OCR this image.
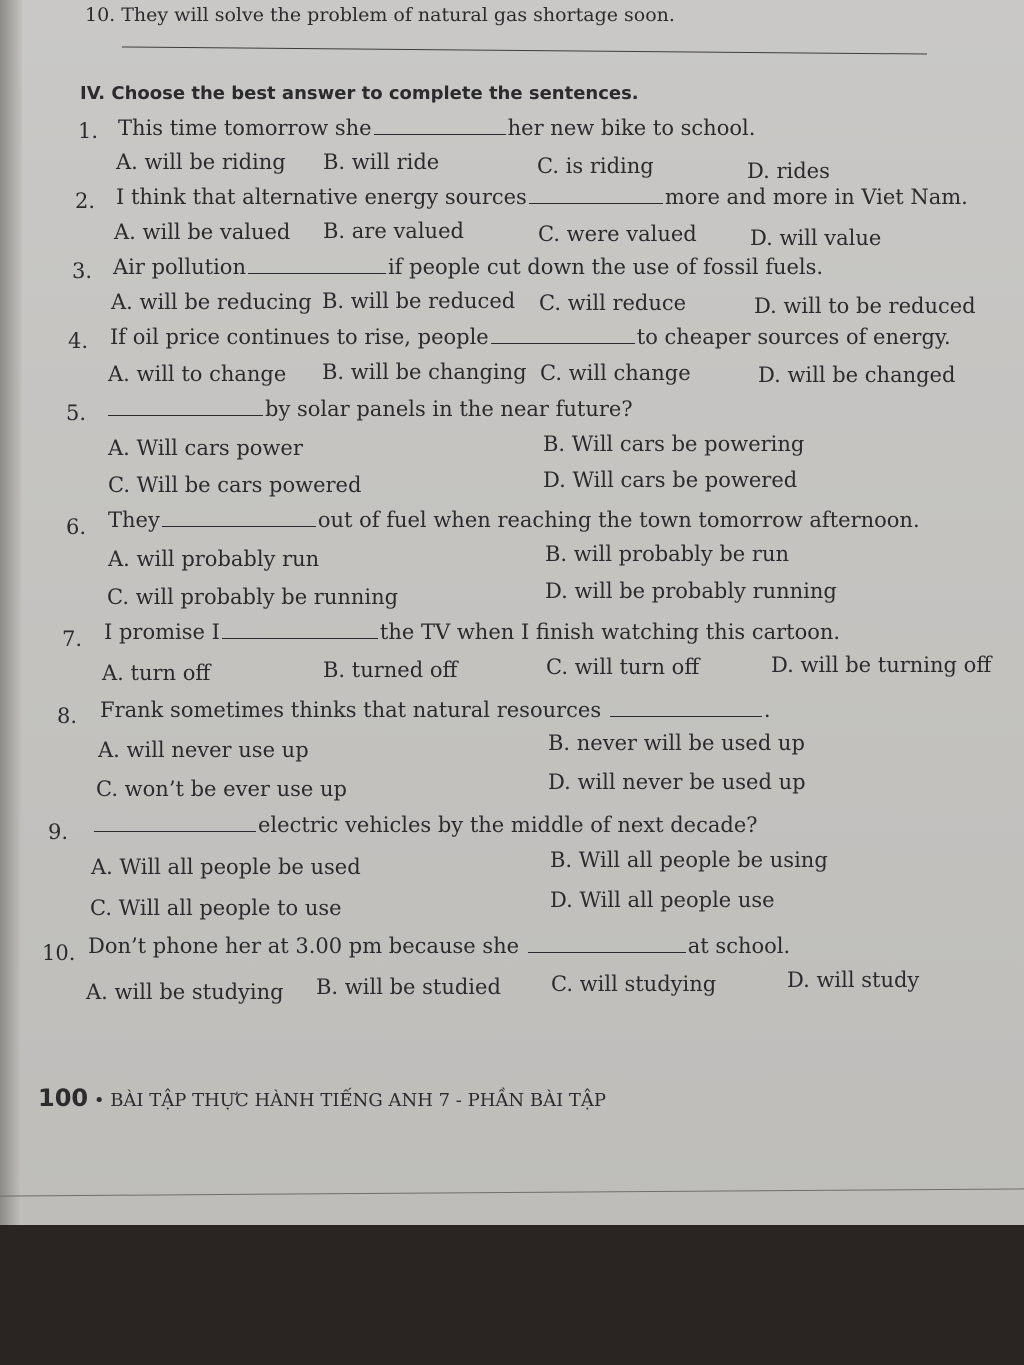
10. They will solve the problem of natural gas shortage soon.
IV. Choose the best answer to complete the sentences.
1. This time tomorrow she	her new bike to school.
A. will be riding B. will ride	C. is riding	D. rides
2. I think that alternative energy sources	more and more in Viet Nam.
A. will be valued B. are valued	C. were valued	D. will value
3. Air pollution	if people cut down the use of fossil fuels.
A. will be reducing B. will be reduced C. will reduce	D. will to be reduced
4. If oil price continues to rise, people	to cheaper sources of energy.
A. will to change B. will be changing C. will change	D. will be changed
5.	by solar panels in the near future?
A. Will cars power	B. Will cars be powering
C. Will be cars powered	D. Will cars be powered
6. They	out of fuel when reaching the town tomorrow afternoon.
A. will probably run	B. will probably be run
C. will probably be running	D. will be probably running
7. I promise I	the TV when I finish watching this cartoon.
A. turn off	B. turned off	C. will turn off	D. will be turning off
8. Frank sometimes thinks that natural resources	.
A. will never use up	B. never will be used up
C. won’t be ever use up	D. will never be used up
9.	electric vehicles by the middle of next decade?
A. Will all people be used	B. Will all people be using
C. Will all people to use	D. Will all people use
10. Don’t phone her at 3.00 pm because she	at school.
A. will be studying B. will be studied C. will studying	D. will study
100 • BÀI TẬP THỰC HÀNH TIẾNG ANH 7 - PHẦN BÀI TẬP
